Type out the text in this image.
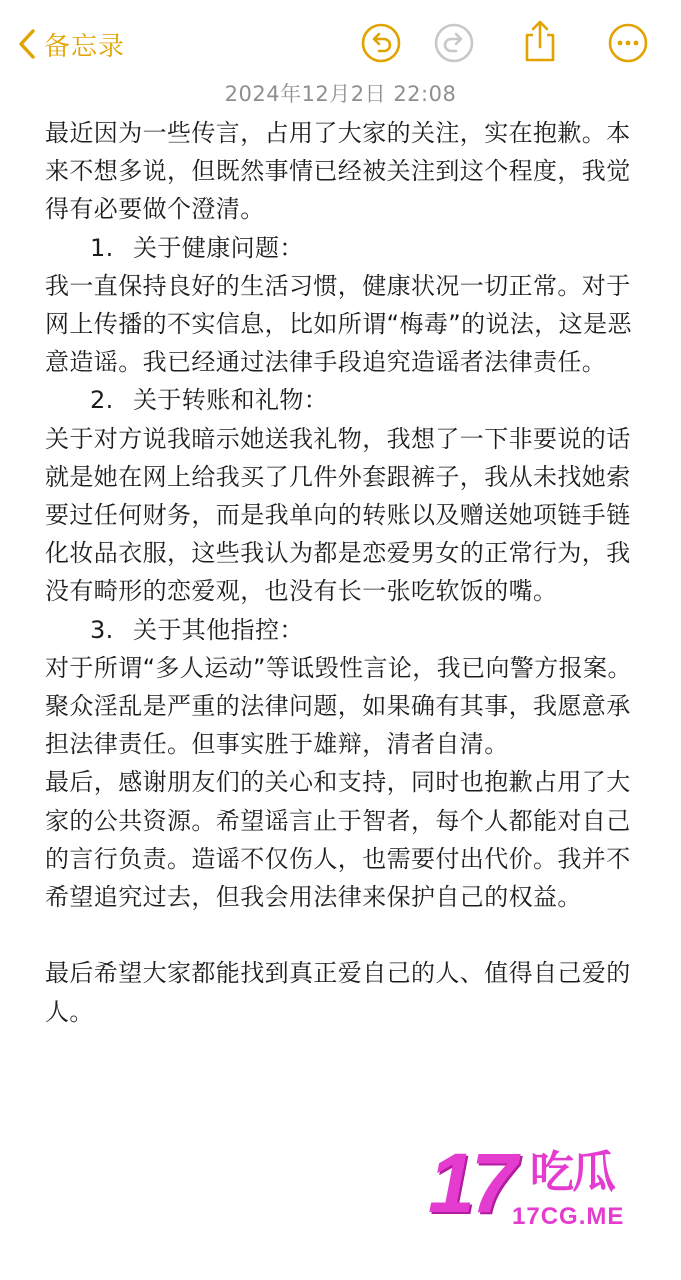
备忘录
2024年12月2日 22:08

最近因为一些传言，占用了大家的关注，实在抱歉。本来不想多说，但既然事情已经被关注到这个程度，我觉得有必要做个澄清。

1. 关于健康问题：

我一直保持良好的生活习惯，健康状况一切正常。对于网上传播的不实信息，比如所谓“梅毒”的说法，这是恶意造谣。我已经通过法律手段追究造谣者法律责任。

2. 关于转账和礼物：

关于对方说我暗示她送我礼物，我想了一下非要说的话就是她在网上给我买了几件外套跟裤子，我从未找她索要过任何财务，而是我单向的转账以及赠送她项链手链化妆品衣服，这些我认为都是恋爱男女的正常行为，我没有畸形的恋爱观，也没有长一张吃软饭的嘴。

3. 关于其他指控：

对于所谓“多人运动”等诋毁性言论，我已向警方报案。聚众淫乱是严重的法律问题，如果确有其事，我愿意承担法律责任。但事实胜于雄辩，清者自清。

最后，感谢朋友们的关心和支持，同时也抱歉占用了大家的公共资源。希望谣言止于智者，每个人都能对自己的言行负责。造谣不仅伤人，也需要付出代价。我并不希望追究过去，但我会用法律来保护自己的权益。

最后希望大家都能找到真正爱自己的人、值得自己爱的人。

17 吃瓜
17CG.ME
